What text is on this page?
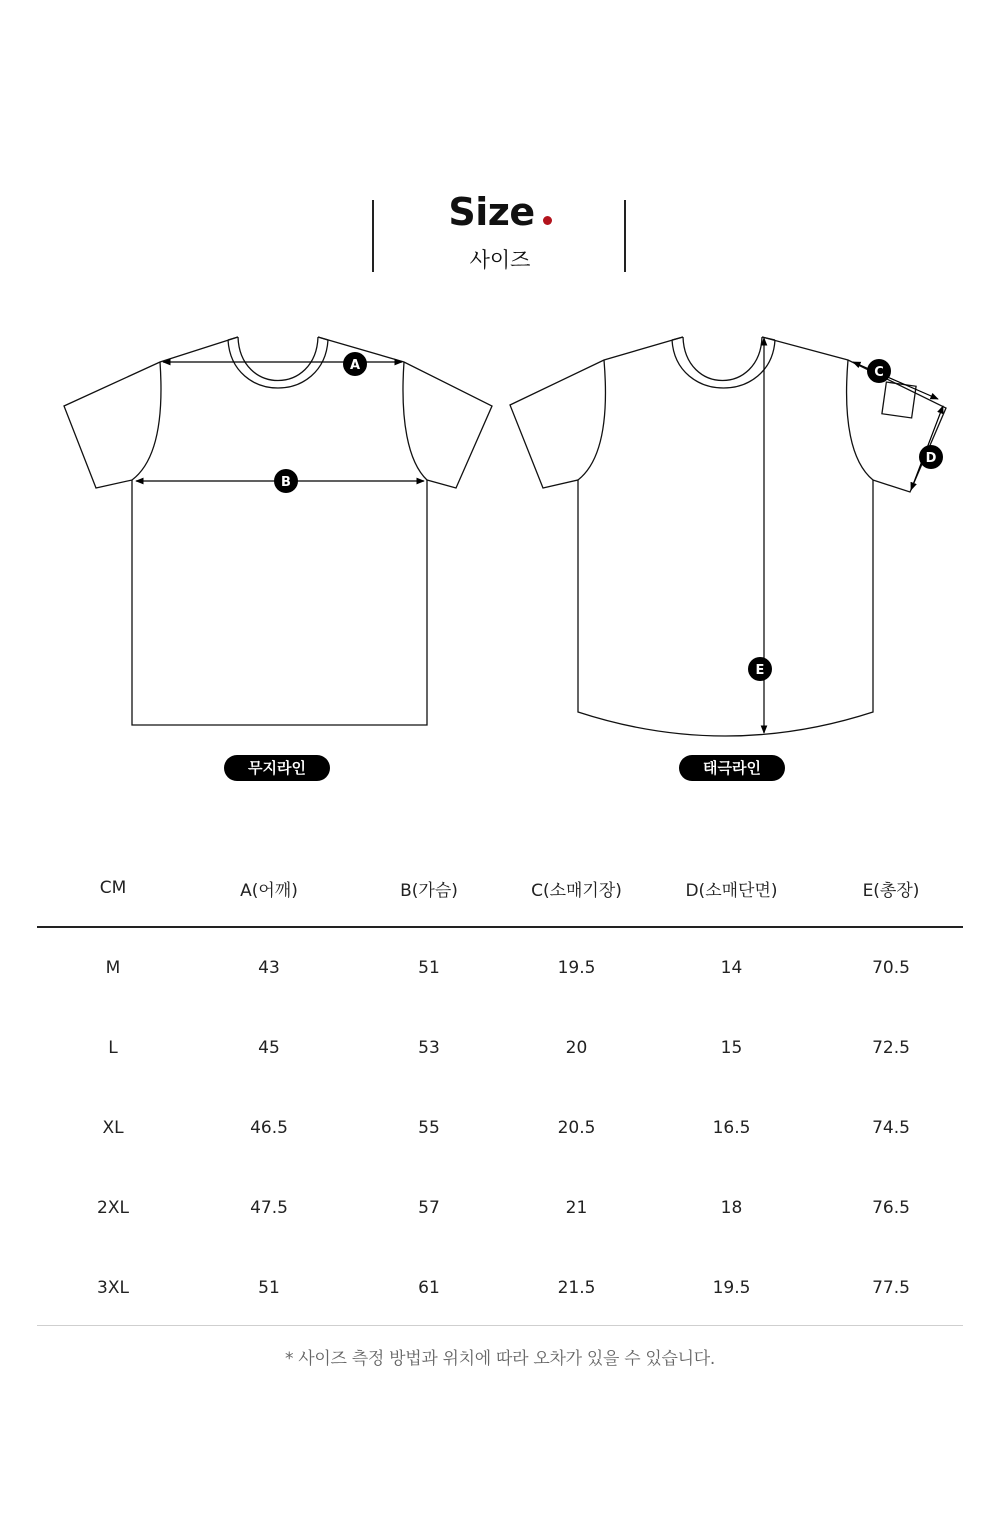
Size
사이즈
A
B
C
D
E
무지라인	태극라인
CM	A(어깨)	B(가슴)	C(소매기장)	D(소매단면)	E(총장)
M	43	51	19.5	14	70.5
L	45	53	20	15	72.5
XL	46.5	55	20.5	16.5	74.5
2XL	47.5	57	21	18	76.5
3XL	51	61	21.5	19.5	77.5
* 사이즈 측정 방법과 위치에 따라 오차가 있을 수 있습니다.
